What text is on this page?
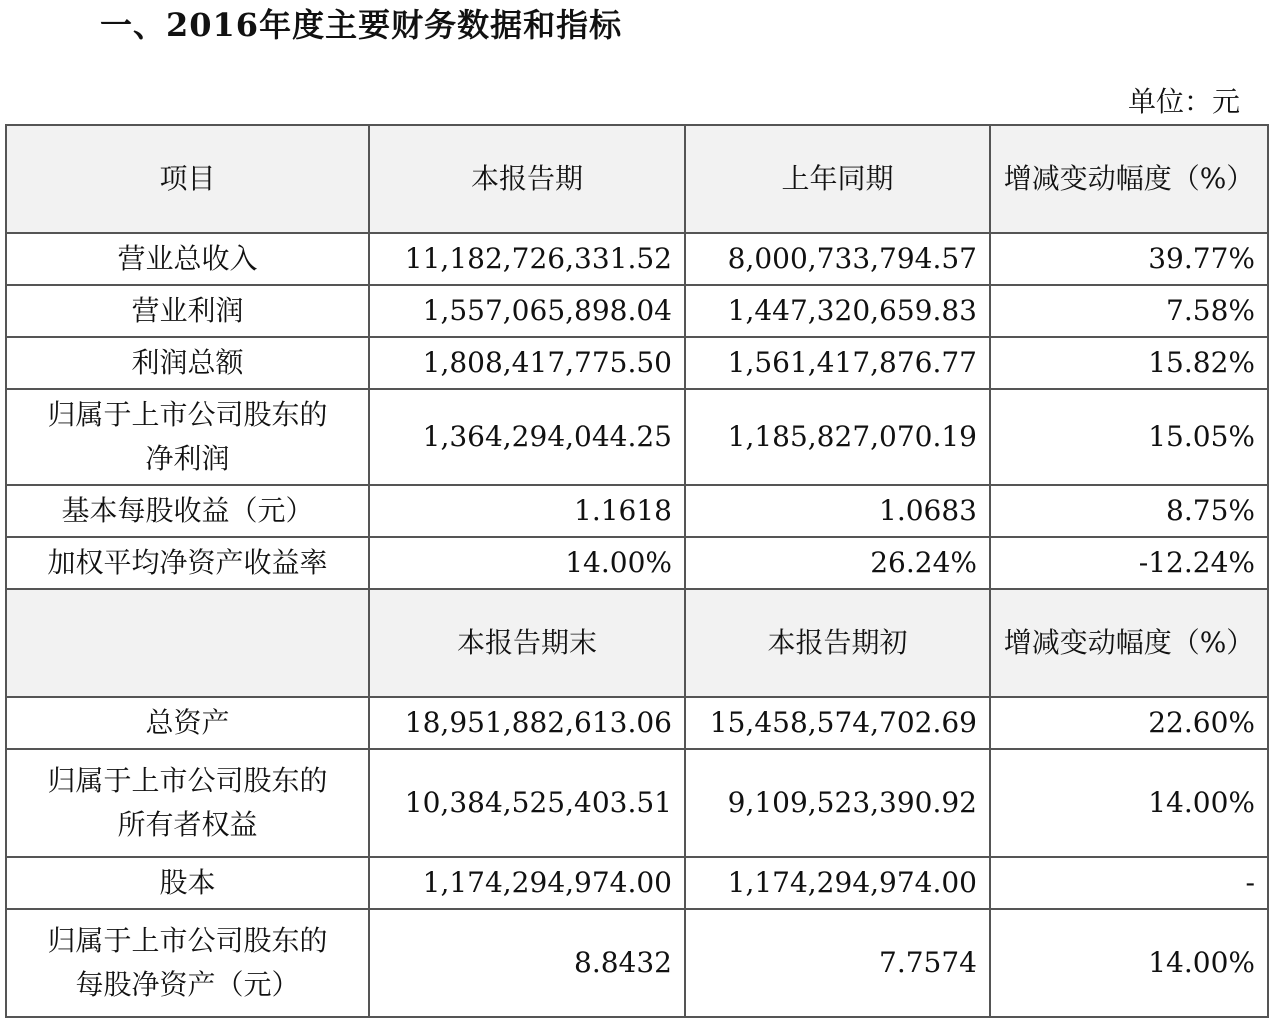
一、2016年度主要财务数据和指标
单位：元
项目	本报告期	上年同期	增减变动幅度（%）
营业总收入	11,182,726,331.52	8,000,733,794.57	39.77%
营业利润	1,557,065,898.04	1,447,320,659.83	7.58%
利润总额	1,808,417,775.50	1,561,417,876.77	15.82%

归属于上市公司股东的
净利润	1,364,294,044.25	1,185,827,070.19	15.05%
基本每股收益（元）	1.1618	1.0683	8.75%
加权平均净资产收益率	14.00%	26.24%	-12.24%
	本报告期末	本报告期初	增减变动幅度（%）
总资产	18,951,882,613.06	15,458,574,702.69	22.60%

归属于上市公司股东的
所有者权益	10,384,525,403.51	9,109,523,390.92	14.00%
股本	1,174,294,974.00	1,174,294,974.00	-

归属于上市公司股东的
每股净资产（元）	8.8432	7.7574	14.00%
